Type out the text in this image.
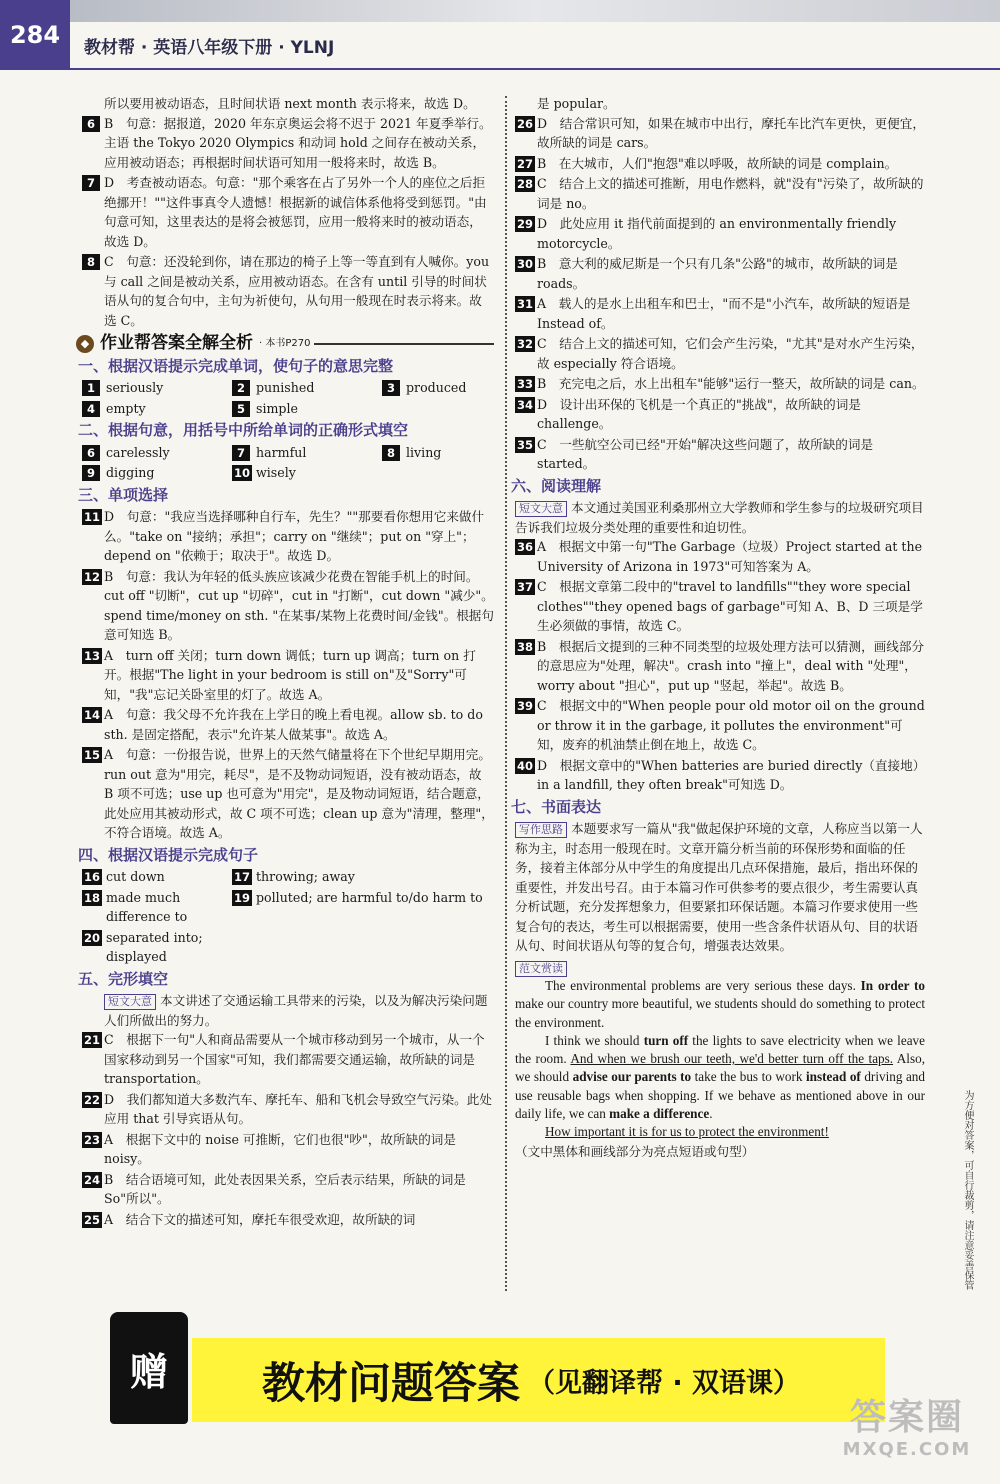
284	教材帮 · 英语八年级下册 · YLNJ
所以要用被动语态，且时间状语 next month 表示将来，故选 D。
6 B　句意：据报道，2020 年东京奥运会将不迟于 2021 年夏季举行。主语 the Tokyo 2020 Olympics 和动词 hold 之间存在被动关系，应用被动语态；再根据时间状语可知用一般将来时，故选 B。
7 D　考查被动语态。句意："那个乘客在占了另外一个人的座位之后拒绝挪开！""这件事真令人遗憾！根据新的诚信体系他将受到惩罚。"由句意可知，这里表达的是将会被惩罚，应用一般将来时的被动语态，故选 D。
8 C　句意：还没轮到你，请在那边的椅子上等一等直到有人喊你。you 与 call 之间是被动关系，应用被动语态。在含有 until 引导的时间状语从句的复合句中，主句为祈使句，从句用一般现在时表示将来。故选 C。
◆ 作业帮答案全解全析 · 本书P270
一、根据汉语提示完成单词，使句子的意思完整
1 seriously	2 punished	3 produced
4 empty	5 simple
二、根据句意，用括号中所给单词的正确形式填空
6 carelessly	7 harmful	8 living
9 digging	10 wisely
三、单项选择
11 D　句意："我应当选择哪种自行车，先生？""那要看你想用它来做什么。"take on "接纳；承担"；carry on "继续"；put on "穿上"；depend on "依赖于；取决于"。故选 D。
12 B　句意：我认为年轻的低头族应该减少花费在智能手机上的时间。cut off "切断"，cut up "切碎"，cut in "打断"，cut down "减少"。spend time/money on sth. "在某事/某物上花费时间/金钱"。根据句意可知选 B。
13 A　turn off 关闭；turn down 调低；turn up 调高；turn on 打开。根据"The light in your bedroom is still on"及"Sorry"可知，"我"忘记关卧室里的灯了。故选 A。
14 A　句意：我父母不允许我在上学日的晚上看电视。allow sb. to do sth. 是固定搭配，表示"允许某人做某事"。故选 A。
15 A　句意：一份报告说，世界上的天然气储量将在下个世纪早期用完。run out 意为"用完，耗尽"，是不及物动词短语，没有被动语态，故 B 项不可选；use up 也可意为"用完"，是及物动词短语，结合题意，此处应用其被动形式，故 C 项不可选；clean up 意为"清理，整理"，不符合语境。故选 A。
四、根据汉语提示完成句子
16 cut down	17 throwing; away
18 made much difference to
19 polluted; are harmful to/do harm to
20 separated into; displayed
五、完形填空
短文大意 本文讲述了交通运输工具带来的污染，以及为解决污染问题人们所做出的努力。
21 C　根据下一句"人和商品需要从一个城市移动到另一个城市，从一个国家移动到另一个国家"可知，我们都需要交通运输，故所缺的词是 transportation。
22 D　我们都知道大多数汽车、摩托车、船和飞机会导致空气污染。此处应用 that 引导宾语从句。
23 A　根据下文中的 noise 可推断，它们也很"吵"，故所缺的词是 noisy。
24 B　结合语境可知，此处表因果关系，空后表示结果，所缺的词是 So"所以"。
25 A　结合下文的描述可知，摩托车很受欢迎，故所缺的词
是 popular。
26 D　结合常识可知，如果在城市中出行，摩托车比汽车更快，更便宜，故所缺的词是 cars。
27 B　在大城市，人们"抱怨"难以呼吸，故所缺的词是 complain。
28 C　结合上文的描述可推断，用电作燃料，就"没有"污染了，故所缺的词是 no。
29 D　此处应用 it 指代前面提到的 an environmentally friendly motorcycle。
30 B　意大利的威尼斯是一个只有几条"公路"的城市，故所缺的词是 roads。
31 A　载人的是水上出租车和巴士，"而不是"小汽车，故所缺的短语是 Instead of。
32 C　结合上文的描述可知，它们会产生污染，"尤其"是对水产生污染，故 especially 符合语境。
33 B　充完电之后，水上出租车"能够"运行一整天，故所缺的词是 can。
34 D　设计出环保的飞机是一个真正的"挑战"，故所缺的词是 challenge。
35 C　一些航空公司已经"开始"解决这些问题了，故所缺的词是 started。
六、阅读理解
短文大意 本文通过美国亚利桑那州立大学教师和学生参与的垃圾研究项目告诉我们垃圾分类处理的重要性和迫切性。
36 A　根据文中第一句"The Garbage（垃圾）Project started at the University of Arizona in 1973"可知答案为 A。
37 C　根据文章第二段中的"travel to landfills""they wore special clothes""they opened bags of garbage"可知 A、B、D 三项是学生必须做的事情，故选 C。
38 B　根据后文提到的三种不同类型的垃圾处理方法可以猜测，画线部分的意思应为"处理，解决"。crash into "撞上"，deal with "处理"，worry about "担心"，put up "竖起，举起"。故选 B。
39 C　根据文中的"When people pour old motor oil on the ground or throw it in the garbage, it pollutes the environment"可知，废弃的机油禁止倒在地上，故选 C。
40 D　根据文章中的"When batteries are buried directly（直接地）in a landfill, they often break"可知选 D。
七、书面表达
写作思路 本题要求写一篇从"我"做起保护环境的文章，人称应当以第一人称为主，时态用一般现在时。文章开篇分析当前的环保形势和面临的任务，接着主体部分从中学生的角度提出几点环保措施，最后，指出环保的重要性，并发出号召。由于本篇习作可供参考的要点很少，考生需要认真分析试题，充分发挥想象力，但要紧扣环保话题。本篇习作要求使用一些复合句的表达，考生可以根据需要，使用一些含条件状语从句、目的状语从句、时间状语从句等的复合句，增强表达效果。
范文赏读

The environmental problems are very serious these days. In order to make our country more beautiful, we students should do something to protect the environment.

I think we should turn off the lights to save electricity when we leave the room. And when we brush our teeth, we'd better turn off the taps. Also, we should advise our parents to take the bus to work instead of driving and use reusable bags when shopping. If we behave as mentioned above in our daily life, we can make a difference.

How important it is for us to protect the environment!

（文中黑体和画线部分为亮点短语或句型）	为方便对答案，可自行裁剪，请注意妥善保管
赠	教材问题答案 （见翻译帮 · 双语课）
答案圈
MXQE.COM
